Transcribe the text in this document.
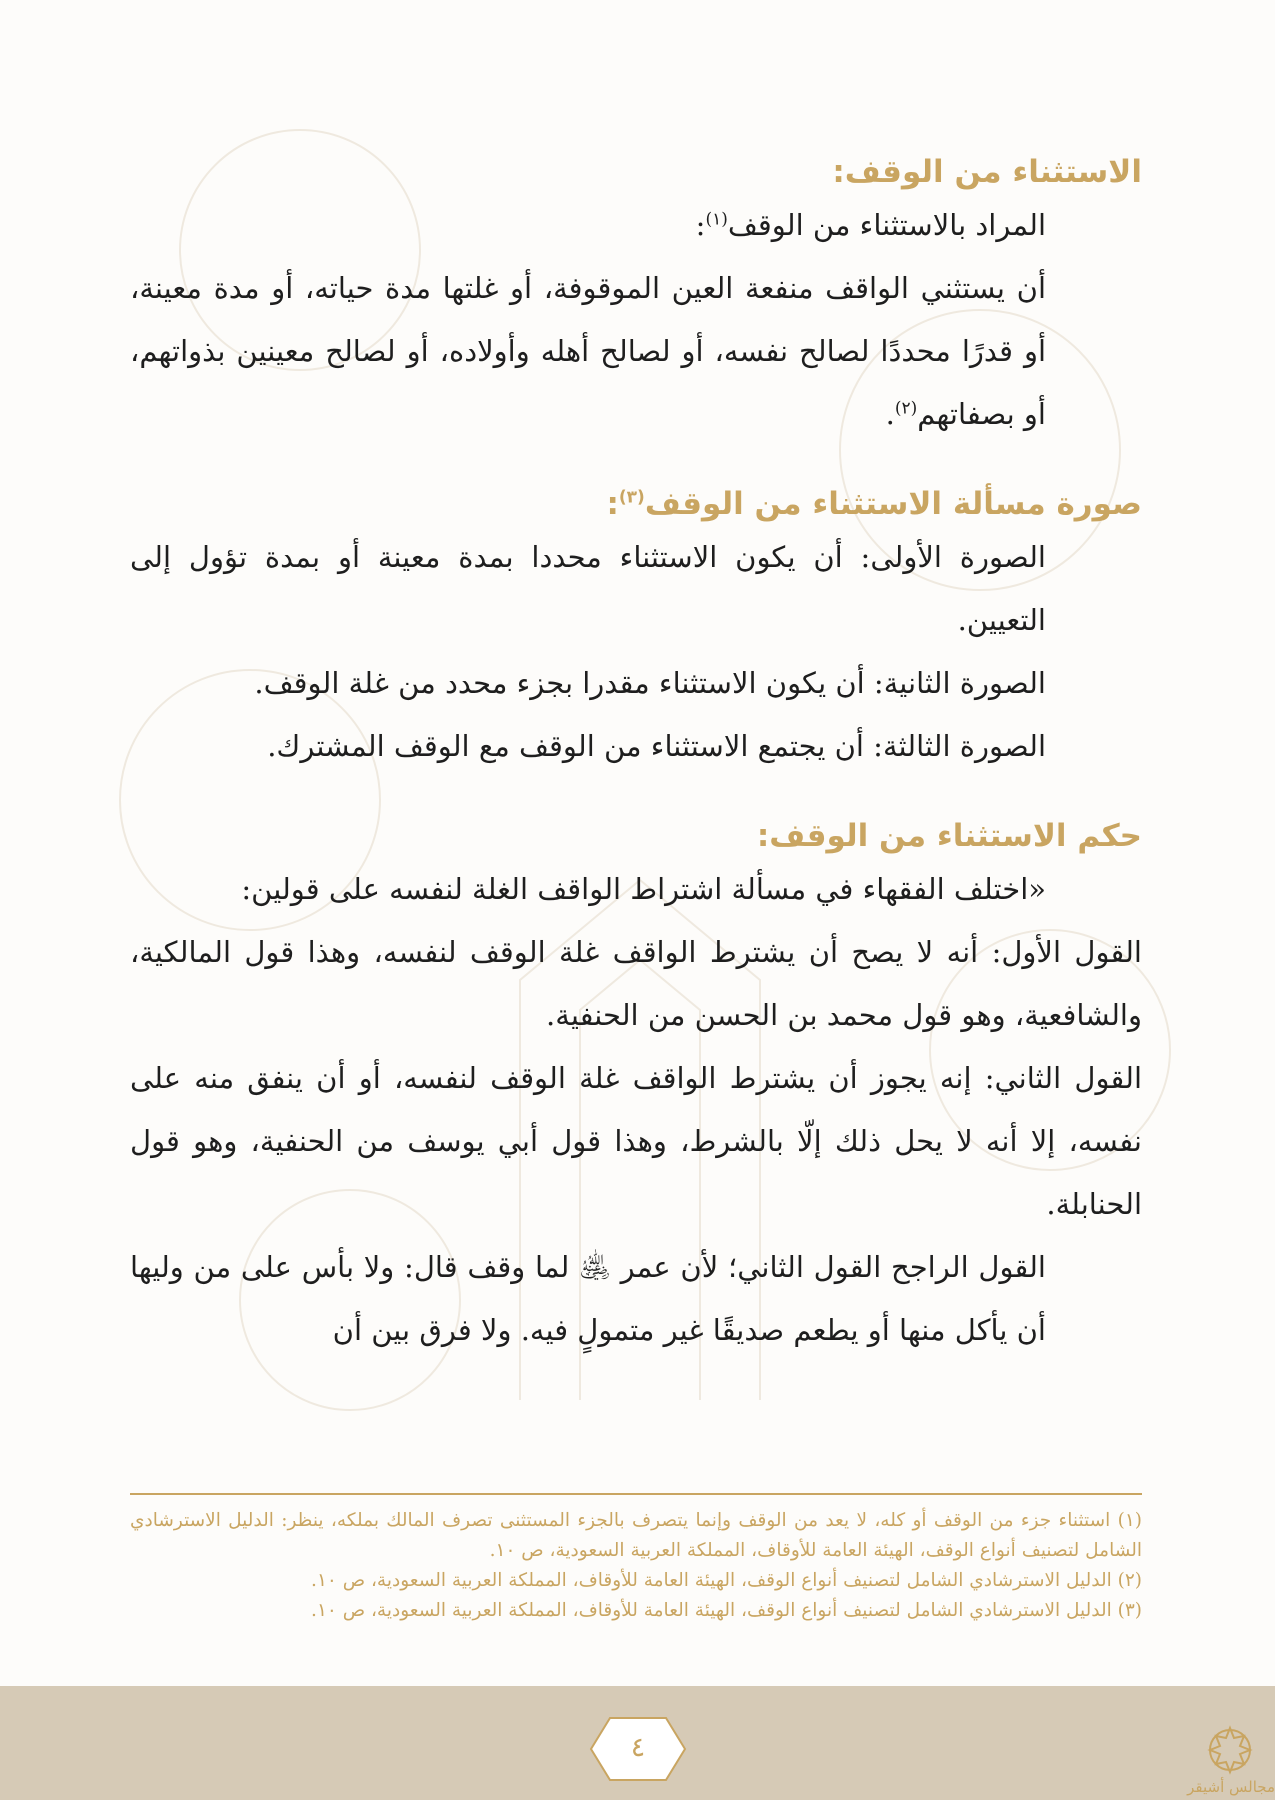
الاستثناء من الوقف:

المراد بالاستثناء من الوقف$^{(١)}$:

أن يستثني الواقف منفعة العين الموقوفة، أو غلتها مدة حياته، أو مدة معينة، أو قدرًا محددًا لصالح نفسه، أو لصالح أهله وأولاده، أو لصالح معينين بذواتهم، أو بصفاتهم$^{(٢)}$.

صورة مسألة الاستثناء من الوقف$^{(٣)}$:

الصورة الأولى: أن يكون الاستثناء محددا بمدة معينة أو بمدة تؤول إلى التعيين.

الصورة الثانية: أن يكون الاستثناء مقدرا بجزء محدد من غلة الوقف.

الصورة الثالثة: أن يجتمع الاستثناء من الوقف مع الوقف المشترك.

حكم الاستثناء من الوقف:

«اختلف الفقهاء في مسألة اشتراط الواقف الغلة لنفسه على قولين:

القول الأول: أنه لا يصح أن يشترط الواقف غلة الوقف لنفسه، وهذا قول المالكية، والشافعية، وهو قول محمد بن الحسن من الحنفية.

القول الثاني: إنه يجوز أن يشترط الواقف غلة الوقف لنفسه، أو أن ينفق منه على نفسه، إلا أنه لا يحل ذلك إلّا بالشرط، وهذا قول أبي يوسف من الحنفية، وهو قول الحنابلة.

القول الراجح القول الثاني؛ لأن عمر ﵁ لما وقف قال: ولا بأس على من وليها أن يأكل منها أو يطعم صديقًا غير متمولٍ فيه. ولا فرق بين أن

(١) استثناء جزء من الوقف أو كله، لا يعد من الوقف وإنما يتصرف بالجزء المستثنى تصرف المالك بملكه، ينظر: الدليل الاسترشادي الشامل لتصنيف أنواع الوقف، الهيئة العامة للأوقاف، المملكة العربية السعودية، ص ١٠.

(٢) الدليل الاسترشادي الشامل لتصنيف أنواع الوقف، الهيئة العامة للأوقاف، المملكة العربية السعودية، ص ١٠.

(٣) الدليل الاسترشادي الشامل لتصنيف أنواع الوقف، الهيئة العامة للأوقاف، المملكة العربية السعودية، ص ١٠.

٤
مجالس أشيقر
